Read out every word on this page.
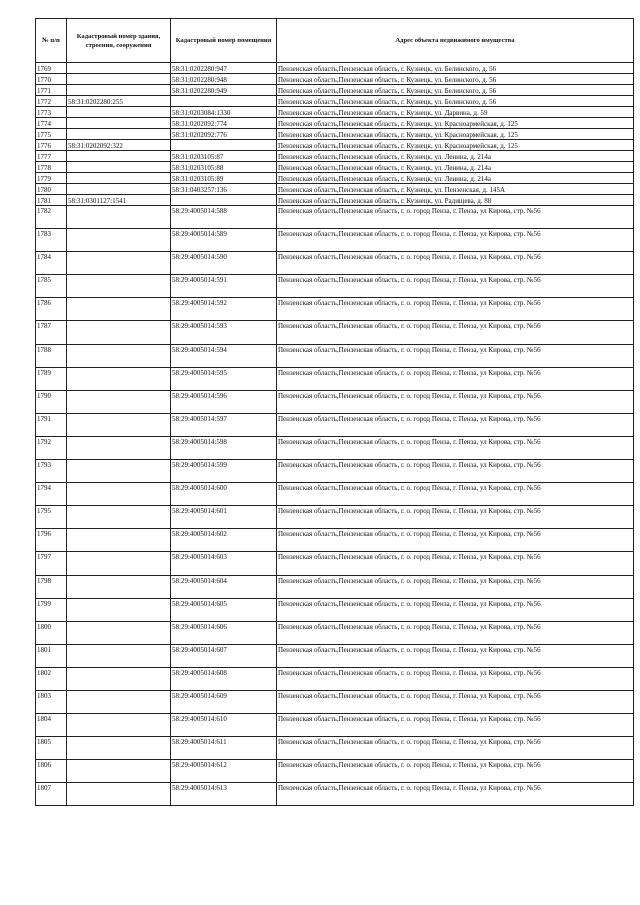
№ п/п	Кадастровый номер здания, строения, сооружения	Кадастровый номер помещения	Адрес объекта недвижимого имущества
1769		58:31:0202280:947	Пензенская область,Пензенская область, г. Кузнецк, ул. Белинского, д. 56
1770		58:31:0202280:948	Пензенская область,Пензенская область, г. Кузнецк, ул. Белинского, д. 56
1771		58:31:0202280:949	Пензенская область,Пензенская область, г. Кузнецк, ул. Белинского, д. 56
1772	58:31:0202280:255		Пензенская область,Пензенская область, г. Кузнецк, ул. Белинского, д. 56
1773		58:31:0203084:1330	Пензенская область,Пензенская область, г. Кузнецк, ул. Дарвина, д. 59
1774		58:31:0202092:774	Пензенская область,Пензенская область, г. Кузнецк, ул. Красноармейская, д. 125
1775		58:31:0202092:776	Пензенская область,Пензенская область, г. Кузнецк, ул. Красноармейская, д. 125
1776	58:31:0202092:322		Пензенская область,Пензенская область, г. Кузнецк, ул. Красноармейская, д. 125
1777		58:31:0203105:87	Пензенская область,Пензенская область, г. Кузнецк, ул. Ленина, д. 214а
1778		58:31:0203105:88	Пензенская область,Пензенская область, г. Кузнецк, ул. Ленина, д. 214а
1779		58:31:0203105:89	Пензенская область,Пензенская область, г. Кузнецк, ул. Ленина, д. 214а
1780		58:31:0403257:136	Пензенская область,Пензенская область, г. Кузнецк, ул. Пензенская, д. 145А
1781	58:31:0301127:1541		Пензенская область,Пензенская область, г. Кузнецк, ул. Радищева, д. 88
1782		58:29:4005014:588	Пензенская область,Пензенская область, г. о. город Пенза, г. Пенза, ул Кирова, стр. №56
1783		58:29:4005014:589	Пензенская область,Пензенская область, г. о. город Пенза, г. Пенза, ул Кирова, стр. №56
1784		58:29:4005014:590	Пензенская область,Пензенская область, г. о. город Пенза, г. Пенза, ул Кирова, стр. №56
1785		58:29:4005014:591	Пензенская область,Пензенская область, г. о. город Пенза, г. Пенза, ул Кирова, стр. №56
1786		58:29:4005014:592	Пензенская область,Пензенская область, г. о. город Пенза, г. Пенза, ул Кирова, стр. №56
1787		58:29:4005014:593	Пензенская область,Пензенская область, г. о. город Пенза, г. Пенза, ул Кирова, стр. №56
1788		58:29:4005014:594	Пензенская область,Пензенская область, г. о. город Пенза, г. Пенза, ул Кирова, стр. №56
1789		58:29:4005014:595	Пензенская область,Пензенская область, г. о. город Пенза, г. Пенза, ул Кирова, стр. №56
1790		58:29:4005014:596	Пензенская область,Пензенская область, г. о. город Пенза, г. Пенза, ул Кирова, стр. №56
1791		58:29:4005014:597	Пензенская область,Пензенская область, г. о. город Пенза, г. Пенза, ул Кирова, стр. №56
1792		58:29:4005014:598	Пензенская область,Пензенская область, г. о. город Пенза, г. Пенза, ул Кирова, стр. №56
1793		58:29:4005014:599	Пензенская область,Пензенская область, г. о. город Пенза, г. Пенза, ул Кирова, стр. №56
1794		58:29:4005014:600	Пензенская область,Пензенская область, г. о. город Пенза, г. Пенза, ул Кирова, стр. №56
1795		58:29:4005014:601	Пензенская область,Пензенская область, г. о. город Пенза, г. Пенза, ул Кирова, стр. №56
1796		58:29:4005014:602	Пензенская область,Пензенская область, г. о. город Пенза, г. Пенза, ул Кирова, стр. №56
1797		58:29:4005014:603	Пензенская область,Пензенская область, г. о. город Пенза, г. Пенза, ул Кирова, стр. №56
1798		58:29:4005014:604	Пензенская область,Пензенская область, г. о. город Пенза, г. Пенза, ул Кирова, стр. №56
1799		58:29:4005014:605	Пензенская область,Пензенская область, г. о. город Пенза, г. Пенза, ул Кирова, стр. №56
1800		58:29:4005014:606	Пензенская область,Пензенская область, г. о. город Пенза, г. Пенза, ул Кирова, стр. №56
1801		58:29:4005014:607	Пензенская область,Пензенская область, г. о. город Пенза, г. Пенза, ул Кирова, стр. №56
1802		58:29:4005014:608	Пензенская область,Пензенская область, г. о. город Пенза, г. Пенза, ул Кирова, стр. №56
1803		58:29:4005014:609	Пензенская область,Пензенская область, г. о. город Пенза, г. Пенза, ул Кирова, стр. №56
1804		58:29:4005014:610	Пензенская область,Пензенская область, г. о. город Пенза, г. Пенза, ул Кирова, стр. №56
1805		58:29:4005014:611	Пензенская область,Пензенская область, г. о. город Пенза, г. Пенза, ул Кирова, стр. №56
1806		58:29:4005014:612	Пензенская область,Пензенская область, г. о. город Пенза, г. Пенза, ул Кирова, стр. №56
1807		58:29:4005014:613	Пензенская область,Пензенская область, г. о. город Пенза, г. Пенза, ул Кирова, стр. №56
